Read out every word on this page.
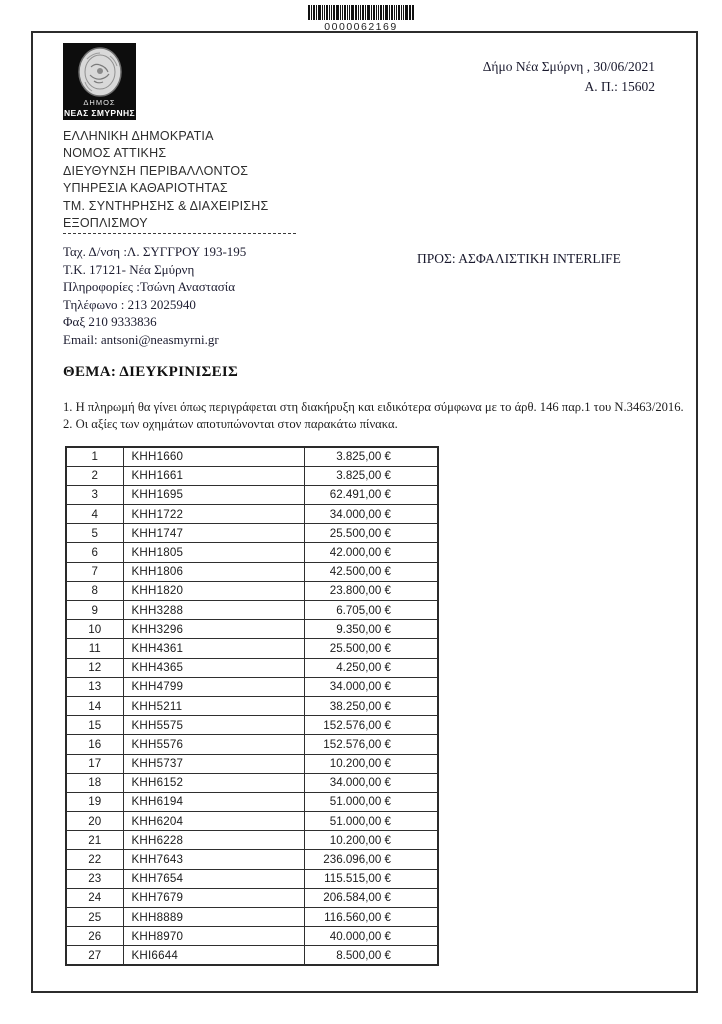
0000062169
ΔΗΜΟΣ
ΝΕΑΣ ΣΜΥΡΝΗΣ
Δήμο Νέα Σμύρνη , 30/06/2021
Α. Π.: 15602
ΕΛΛΗΝΙΚΗ ΔΗΜΟΚΡΑΤΙΑ
ΝΟΜΟΣ ΑΤΤΙΚΗΣ
ΔΙΕΥΘΥΝΣΗ ΠΕΡΙΒΑΛΛΟΝΤΟΣ
ΥΠΗΡΕΣΙΑ ΚΑΘΑΡΙΟΤΗΤΑΣ
ΤΜ. ΣΥΝΤΗΡΗΣΗΣ & ΔΙΑΧΕΙΡΙΣΗΣ
ΕΞΟΠΛΙΣΜΟΥ
Ταχ. Δ/νση :Λ. ΣΥΓΓΡΟΥ 193-195
Τ.Κ. 17121- Νέα Σμύρνη
Πληροφορίες :Τσώνη Αναστασία
Τηλέφωνο : 213 2025940
Φαξ 210 9333836
Email: antsoni@neasmyrni.gr
ΠΡΟΣ: ΑΣΦΑΛΙΣΤΙΚΗ INTERLIFE
ΘΕΜΑ: ΔΙΕΥΚΡΙΝΙΣΕΙΣ
1. Η πληρωμή θα γίνει όπως περιγράφεται στη διακήρυξη και ειδικότερα σύμφωνα με το άρθ. 146 παρ.1 του Ν.3463/2016.
2. Οι αξίες των οχημάτων αποτυπώνονται στον παρακάτω πίνακα.
1	KHH1660	3.825,00 €
2	KHH1661	3.825,00 €
3	KHH1695	62.491,00 €
4	KHH1722	34.000,00 €
5	KHH1747	25.500,00 €
6	KHH1805	42.000,00 €
7	KHH1806	42.500,00 €
8	KHH1820	23.800,00 €
9	KHH3288	6.705,00 €
10	KHH3296	9.350,00 €
11	KHH4361	25.500,00 €
12	KHH4365	4.250,00 €
13	KHH4799	34.000,00 €
14	KHH5211	38.250,00 €
15	KHH5575	152.576,00 €
16	KHH5576	152.576,00 €
17	KHH5737	10.200,00 €
18	KHH6152	34.000,00 €
19	KHH6194	51.000,00 €
20	KHH6204	51.000,00 €
21	KHH6228	10.200,00 €
22	KHH7643	236.096,00 €
23	KHH7654	115.515,00 €
24	KHH7679	206.584,00 €
25	KHH8889	116.560,00 €
26	KHH8970	40.000,00 €
27	KHI6644	8.500,00 €
